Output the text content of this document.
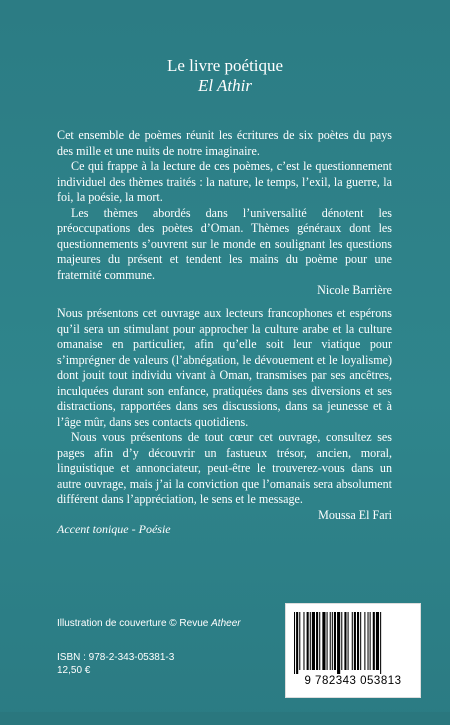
Le livre poétique
El Athir

Cet ensemble de poèmes réunit les écritures de six poètes du pays des mille et une nuits de notre imaginaire.

Ce qui frappe à la lecture de ces poèmes, c’est le questionnement individuel des thèmes traités : la nature, le temps, l’exil, la guerre, la foi, la poésie, la mort.

Les thèmes abordés dans l’universalité dénotent les préoccupations des poètes d’Oman. Thèmes généraux dont les questionnements s’ouvrent sur le monde en soulignant les questions majeures du présent et tendent les mains du poème pour une fraternité commune.

Nicole Barrière

Nous présentons cet ouvrage aux lecteurs francophones et espérons qu’il sera un stimulant pour approcher la culture arabe et la culture omanaise en particulier, afin qu’elle soit leur viatique pour s’imprégner de valeurs (l’abnégation, le dévouement et le loyalisme) dont jouit tout individu vivant à Oman, transmises par ses ancêtres, inculquées durant son enfance, pratiquées dans ses diversions et ses distractions, rapportées dans ses discussions, dans sa jeunesse et à l’âge mûr, dans ses contacts quotidiens.

Nous vous présentons de tout cœur cet ouvrage, consultez ses pages afin d’y découvrir un fastueux trésor, ancien, moral, linguistique et annonciateur, peut-être le trouverez-vous dans un autre ouvrage, mais j’ai la conviction que l’omanais sera absolument différent dans l’appréciation, le sens et le message.

Moussa El Fari

Accent tonique - Poésie
Illustration de couverture © Revue Atheer
ISBN : 978-2-343-05381-3
12,50 €
9 782343 053813
